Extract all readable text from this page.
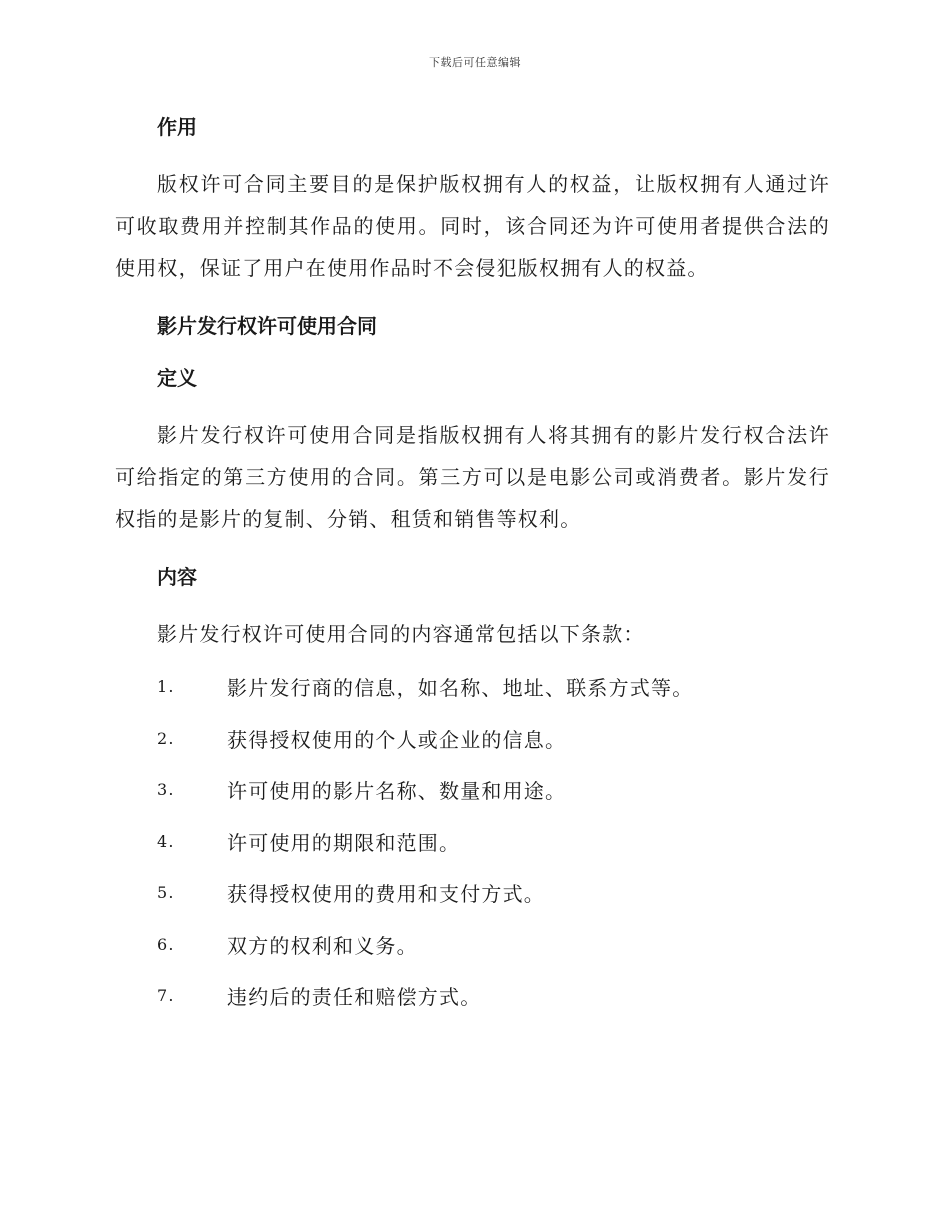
下载后可任意编辑
作用

版权许可合同主要目的是保护版权拥有人的权益，让版权拥有人通过许可收取费用并控制其作品的使用。同时，该合同还为许可使用者提供合法的使用权，保证了用户在使用作品时不会侵犯版权拥有人的权益。

影片发行权许可使用合同
定义

影片发行权许可使用合同是指版权拥有人将其拥有的影片发行权合法许可给指定的第三方使用的合同。第三方可以是电影公司或消费者。影片发行权指的是影片的复制、分销、租赁和销售等权利。

内容

影片发行权许可使用合同的内容通常包括以下条款：

1.	影片发行商的信息，如名称、地址、联系方式等。
2.	获得授权使用的个人或企业的信息。
3.	许可使用的影片名称、数量和用途。
4.	许可使用的期限和范围。
5.	获得授权使用的费用和支付方式。
6.	双方的权利和义务。
7.	违约后的责任和赔偿方式。
